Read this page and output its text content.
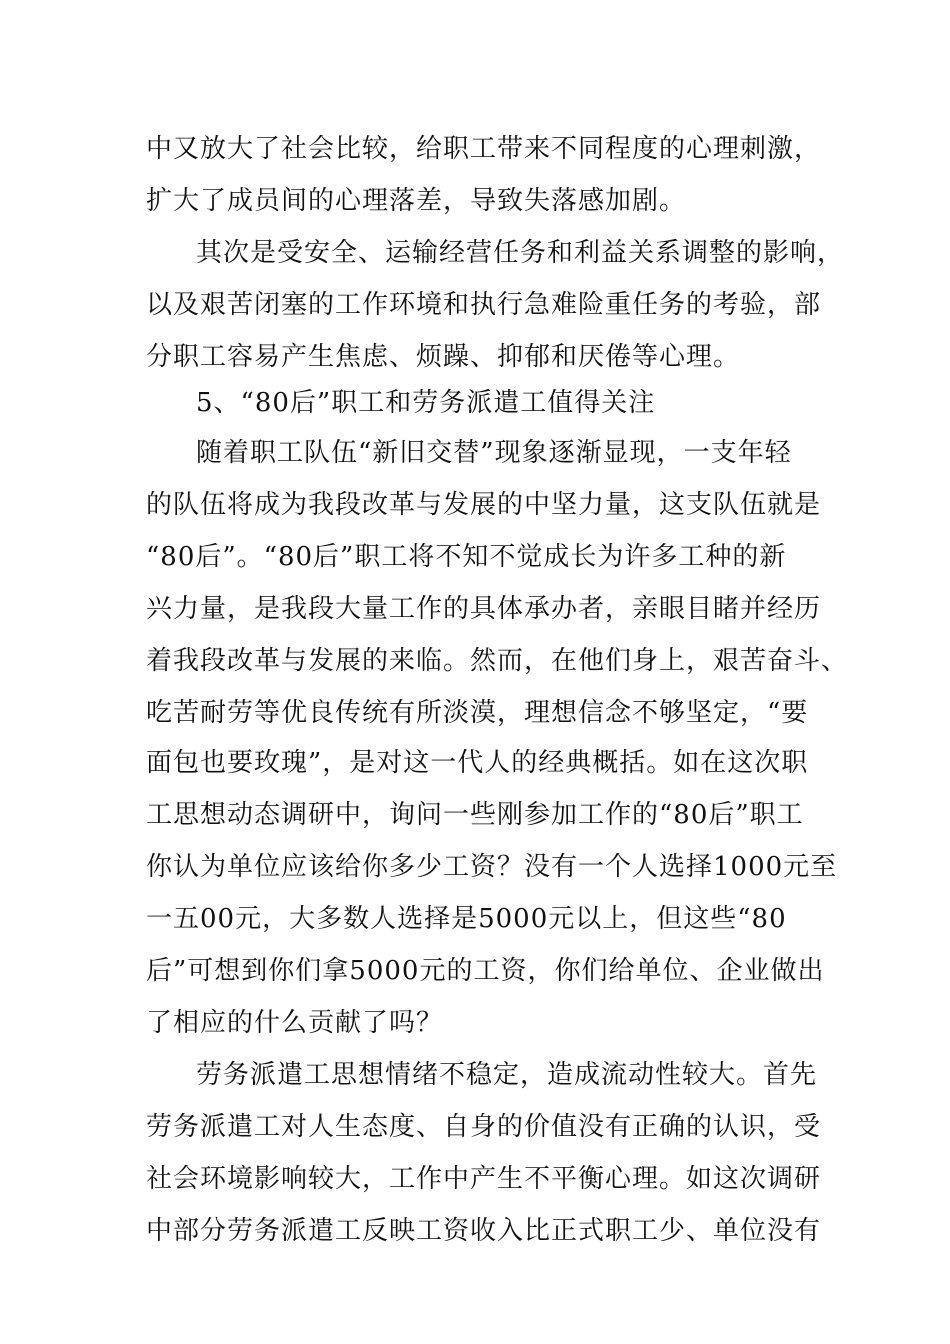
中又放大了社会比较，给职工带来不同程度的心理刺激，
扩大了成员间的心理落差，导致失落感加剧。
其次是受安全、运输经营任务和利益关系调整的影响，
以及艰苦闭塞的工作环境和执行急难险重任务的考验，部
分职工容易产生焦虑、烦躁、抑郁和厌倦等心理。
5、“80后”职工和劳务派遣工值得关注
随着职工队伍“新旧交替”现象逐渐显现，一支年轻
的队伍将成为我段改革与发展的中坚力量，这支队伍就是
“80后”。“80后”职工将不知不觉成长为许多工种的新
兴力量，是我段大量工作的具体承办者，亲眼目睹并经历
着我段改革与发展的来临。然而，在他们身上，艰苦奋斗、
吃苦耐劳等优良传统有所淡漠，理想信念不够坚定，“要
面包也要玫瑰”，是对这一代人的经典概括。如在这次职
工思想动态调研中，询问一些刚参加工作的“80后”职工
你认为单位应该给你多少工资？没有一个人选择1000元至
一五00元，大多数人选择是5000元以上，但这些“80
后”可想到你们拿5000元的工资，你们给单位、企业做出
了相应的什么贡献了吗？
劳务派遣工思想情绪不稳定，造成流动性较大。首先
劳务派遣工对人生态度、自身的价值没有正确的认识，受
社会环境影响较大，工作中产生不平衡心理。如这次调研
中部分劳务派遣工反映工资收入比正式职工少、单位没有
